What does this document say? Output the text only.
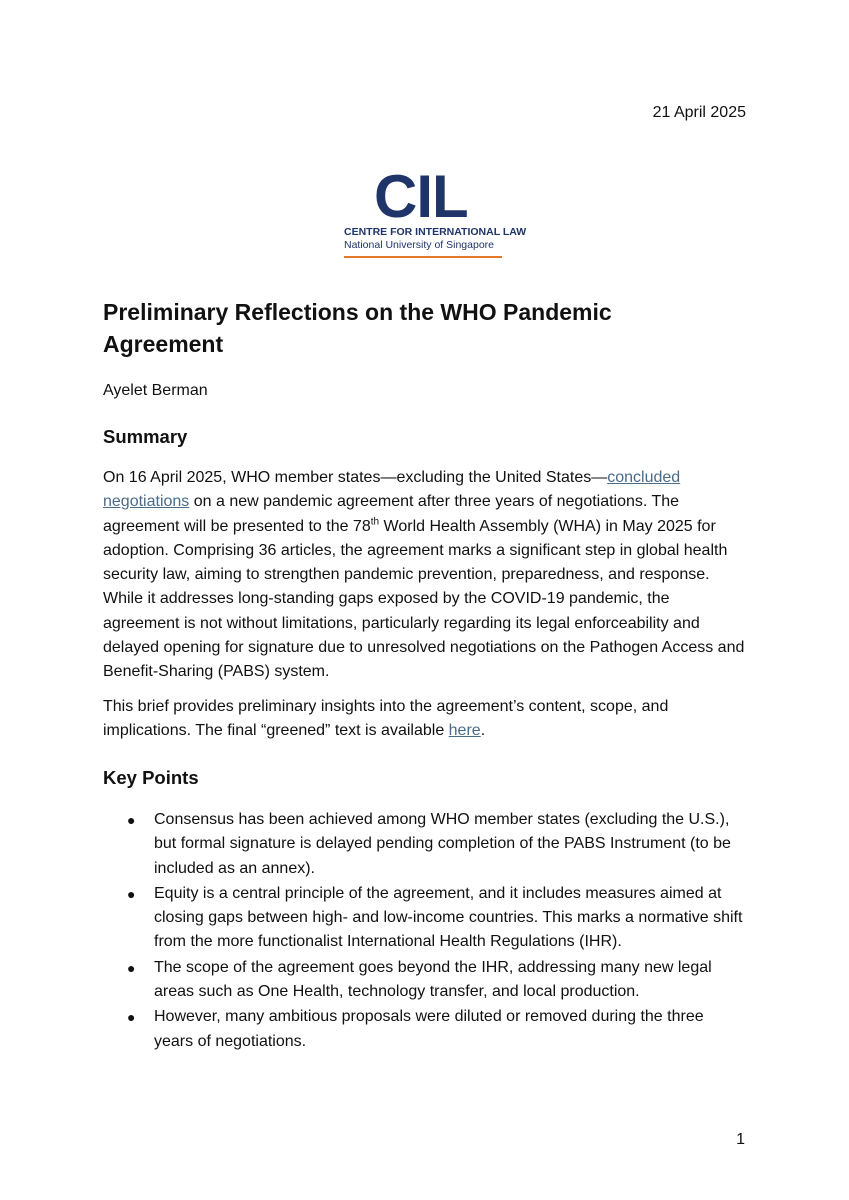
21 April 2025
CIL
CENTRE FOR INTERNATIONAL LAW
National University of Singapore
Preliminary Reflections on the WHO Pandemic Agreement
Ayelet Berman
Summary

On 16 April 2025, WHO member states—excluding the United States—concluded negotiations on a new pandemic agreement after three years of negotiations. The agreement will be presented to the 78th World Health Assembly (WHA) in May 2025 for adoption. Comprising 36 articles, the agreement marks a significant step in global health security law, aiming to strengthen pandemic prevention, preparedness, and response. While it addresses long-standing gaps exposed by the COVID-19 pandemic, the agreement is not without limitations, particularly regarding its legal enforceability and delayed opening for signature due to unresolved negotiations on the Pathogen Access and Benefit-Sharing (PABS) system.

This brief provides preliminary insights into the agreement’s content, scope, and implications. The final “greened” text is available here.

Key Points
● Consensus has been achieved among WHO member states (excluding the U.S.), but formal signature is delayed pending completion of the PABS Instrument (to be included as an annex).
● Equity is a central principle of the agreement, and it includes measures aimed at closing gaps between high- and low-income countries. This marks a normative shift from the more functionalist International Health Regulations (IHR).
● The scope of the agreement goes beyond the IHR, addressing many new legal areas such as One Health, technology transfer, and local production.
● However, many ambitious proposals were diluted or removed during the three years of negotiations.
1
